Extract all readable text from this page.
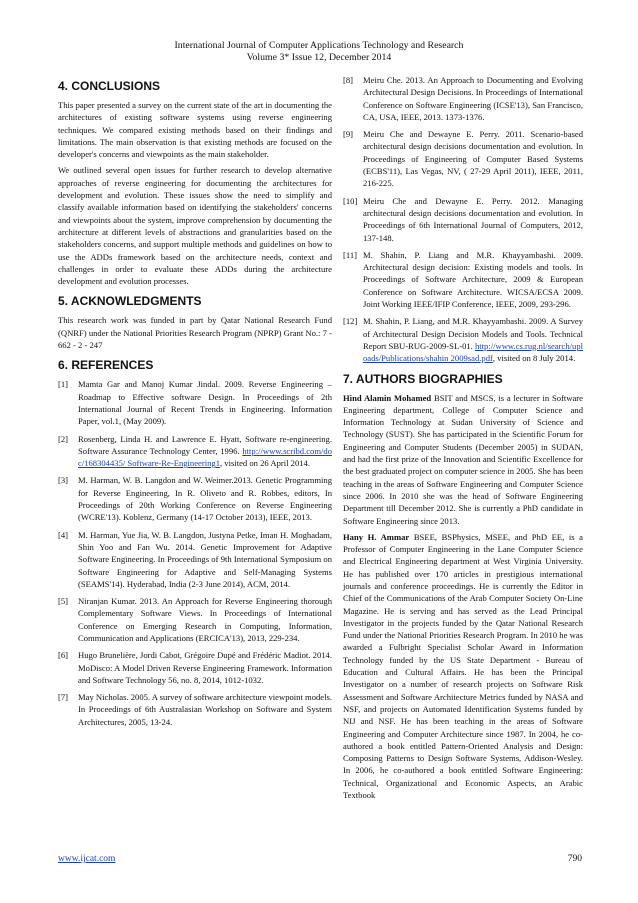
International Journal of Computer Applications Technology and Research
Volume 3* Issue 12, December 2014
4. CONCLUSIONS

This paper presented a survey on the current state of the art in documenting the architectures of existing software systems using reverse engineering techniques. We compared existing methods based on their findings and limitations. The main observation is that existing methods are focused on the developer's concerns and viewpoints as the main stakeholder.

We outlined several open issues for further research to develop alternative approaches of reverse engineering for documenting the architectures for development and evolution. These issues show the need to simplify and classify available information based on identifying the stakeholders' concerns and viewpoints about the system, improve comprehension by documenting the architecture at different levels of abstractions and granularities based on the stakeholders concerns, and support multiple methods and guidelines on how to use the ADDs framework based on the architecture needs, context and challenges in order to evaluate these ADDs during the architecture development and evolution processes.

5. ACKNOWLEDGMENTS

This research work was funded in part by Qatar National Research Fund (QNRF) under the National Priorities Research Program (NPRP) Grant No.: 7 - 662 - 2 - 247

6. REFERENCES
[1]	Mamta Gar and Manoj Kumar Jindal. 2009. Reverse Engineering – Roadmap to Effective software Design. In Proceedings of 2th International Journal of Recent Trends in Engineering. Information Paper, vol.1, (May 2009).
[2]	Rosenberg, Linda H. and Lawrence E. Hyatt, Software re-engineering. Software Assurance Technology Center, 1996. http://www.scribd.com/doc/168304435/ Software-Re-Engineering1, visited on 26 April 2014.
[3]	M. Harman, W. B. Langdon and W. Weimer.2013. Genetic Programming for Reverse Engineering, In R. Oliveto and R. Robbes, editors, In Proceedings of 20th Working Conference on Reverse Engineering (WCRE'13). Koblenz, Germany (14-17 October 2013), IEEE, 2013.
[4]	M. Harman, Yue Jia, W. B. Langdon, Justyna Petke, Iman H. Moghadam, Shin Yoo and Fan Wu. 2014. Genetic Improvement for Adaptive Software Engineering. In Proceedings of 9th International Symposium on Software Engineering for Adaptive and Self-Managing Systems (SEAMS'14). Hyderabad, India (2-3 June 2014), ACM, 2014.
[5]	Niranjan Kumar. 2013. An Approach for Reverse Engineering thorough Complementary Software Views. In Proceedings of International Conference on Emerging Research in Computing, Information, Communication and Applications (ERCICA'13), 2013, 229-234.
[6]	Hugo Brunelière, Jordi Cabot, Grégoire Dupé and Frédéric Madiot. 2014. MoDisco: A Model Driven Reverse Engineering Framework. Information and Software Technology 56, no. 8, 2014, 1012-1032.
[7]	May Nicholas. 2005. A survey of software architecture viewpoint models. In Proceedings of 6th Australasian Workshop on Software and System Architectures, 2005, 13-24.
[8]	Meiru Che. 2013. An Approach to Documenting and Evolving Architectural Design Decisions. In Proceedings of International Conference on Software Engineering (ICSE'13), San Francisco, CA, USA, IEEE, 2013. 1373-1376.
[9]	Meiru Che and Dewayne E. Perry. 2011. Scenario-based architectural design decisions documentation and evolution. In Proceedings of Engineering of Computer Based Systems (ECBS'11), Las Vegas, NV, ( 27-29 April 2011), IEEE, 2011, 216-225.
[10] Meiru Che and Dewayne E. Perry. 2012. Managing architectural design decisions documentation and evolution. In Proceedings of 6th International Journal of Computers, 2012, 137-148.
[11] M. Shahin, P. Liang and M.R. Khayyambashi. 2009. Architectural design decision: Existing models and tools. In Proceedings of Software Architecture, 2009 & European Conference on Software Architecture. WICSA/ECSA 2009. Joint Working IEEE/IFIP Conference, IEEE, 2009, 293-296.
[12] M. Shahin, P. Liang, and M.R. Khayyambashi. 2009. A Survey of Architectural Design Decision Models and Tools. Technical Report SBU-RUG-2009-SL-01. http://www.cs.rug.nl/search/uploads/Publications/shahin 2009sad.pdf, visited on 8 July 2014.
7. AUTHORS BIOGRAPHIES

Hind Alamin Mohamed BSIT and MSCS, is a lecturer in Software Engineering department, College of Computer Science and Information Technology at Sudan University of Science and Technology (SUST). She has participated in the Scientific Forum for Engineering and Computer Students (December 2005) in SUDAN, and had the first prize of the Innovation and Scientific Excellence for the best graduated project on computer science in 2005. She has been teaching in the areas of Software Engineering and Computer Science since 2006. In 2010 she was the head of Software Engineering Department till December 2012. She is currently a PhD candidate in Software Engineering since 2013.

Hany H. Ammar BSEE, BSPhysics, MSEE, and PhD EE, is a Professor of Computer Engineering in the Lane Computer Science and Electrical Engineering department at West Virginia University. He has published over 170 articles in prestigious international journals and conference proceedings. He is currently the Editor in Chief of the Communications of the Arab Computer Society On-Line Magazine. He is serving and has served as the Lead Principal Investigator in the projects funded by the Qatar National Research Fund under the National Priorities Research Program. In 2010 he was awarded a Fulbright Specialist Scholar Award in Information Technology funded by the US State Department - Bureau of Education and Cultural Affairs. He has been the Principal Investigator on a number of research projects on Software Risk Assessment and Software Architecture Metrics funded by NASA and NSF, and projects on Automated Identification Systems funded by NIJ and NSF. He has been teaching in the areas of Software Engineering and Computer Architecture since 1987. In 2004, he co-authored a book entitled Pattern-Oriented Analysis and Design: Composing Patterns to Design Software Systems, Addison-Wesley. In 2006, he co-authored a book entitled Software Engineering: Technical, Organizational and Economic Aspects, an Arabic Textbook

www.ijcat.com	790
